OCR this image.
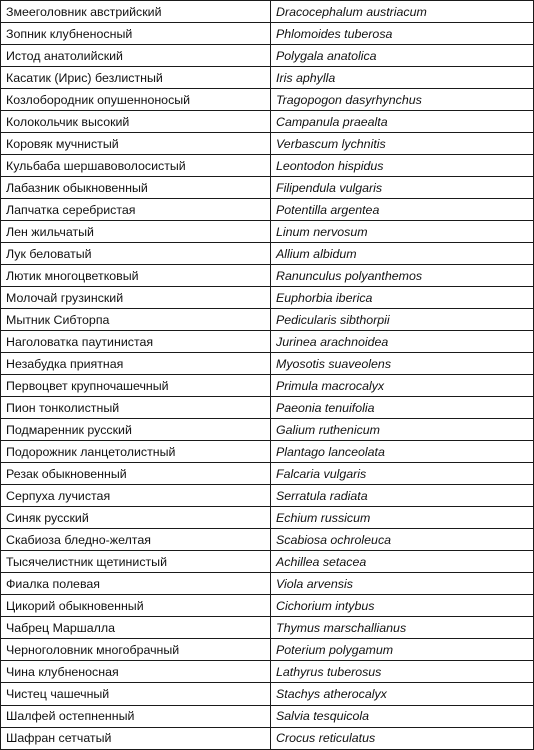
Змееголовник австрийский	Dracocephalum austriacum
Зопник клубненосный	Phlomoides tuberosa
Истод анатолийский	Polygala anatolica
Касатик (Ирис) безлистный	Iris aphylla
Козлобородник опушенноносый	Tragopogon dasyrhynchus
Колокольчик высокий	Campanula praealta
Коровяк мучнистый	Verbascum lychnitis
Кульбаба шершавоволосистый	Leontodon hispidus
Лабазник обыкновенный	Filipendula vulgaris
Лапчатка серебристая	Potentilla argentea
Лен жильчатый	Linum nervosum
Лук беловатый	Allium albidum
Лютик многоцветковый	Ranunculus polyanthemos
Молочай грузинский	Euphorbia iberica
Мытник Сибторпа	Pedicularis sibthorpii
Наголоватка паутинистая	Jurinea arachnoidea
Незабудка приятная	Myosotis suaveolens
Первоцвет крупночашечный	Primula macrocalyx
Пион тонколистный	Paeonia tenuifolia
Подмаренник русский	Galium ruthenicum
Подорожник ланцетолистный	Plantago lanceolata
Резак обыкновенный	Falcaria vulgaris
Серпуха лучистая	Serratula radiata
Синяк русский	Echium russicum
Скабиоза бледно-желтая	Scabiosa ochroleuca
Тысячелистник щетинистый	Achillea setacea
Фиалка полевая	Viola arvensis
Цикорий обыкновенный	Cichorium intybus
Чабрец Маршалла	Thymus marschallianus
Черноголовник многобрачный	Poterium polygamum
Чина клубненосная	Lathyrus tuberosus
Чистец чашечный	Stachys atherocalyx
Шалфей остепненный	Salvia tesquicola
Шафран сетчатый	Crocus reticulatus
